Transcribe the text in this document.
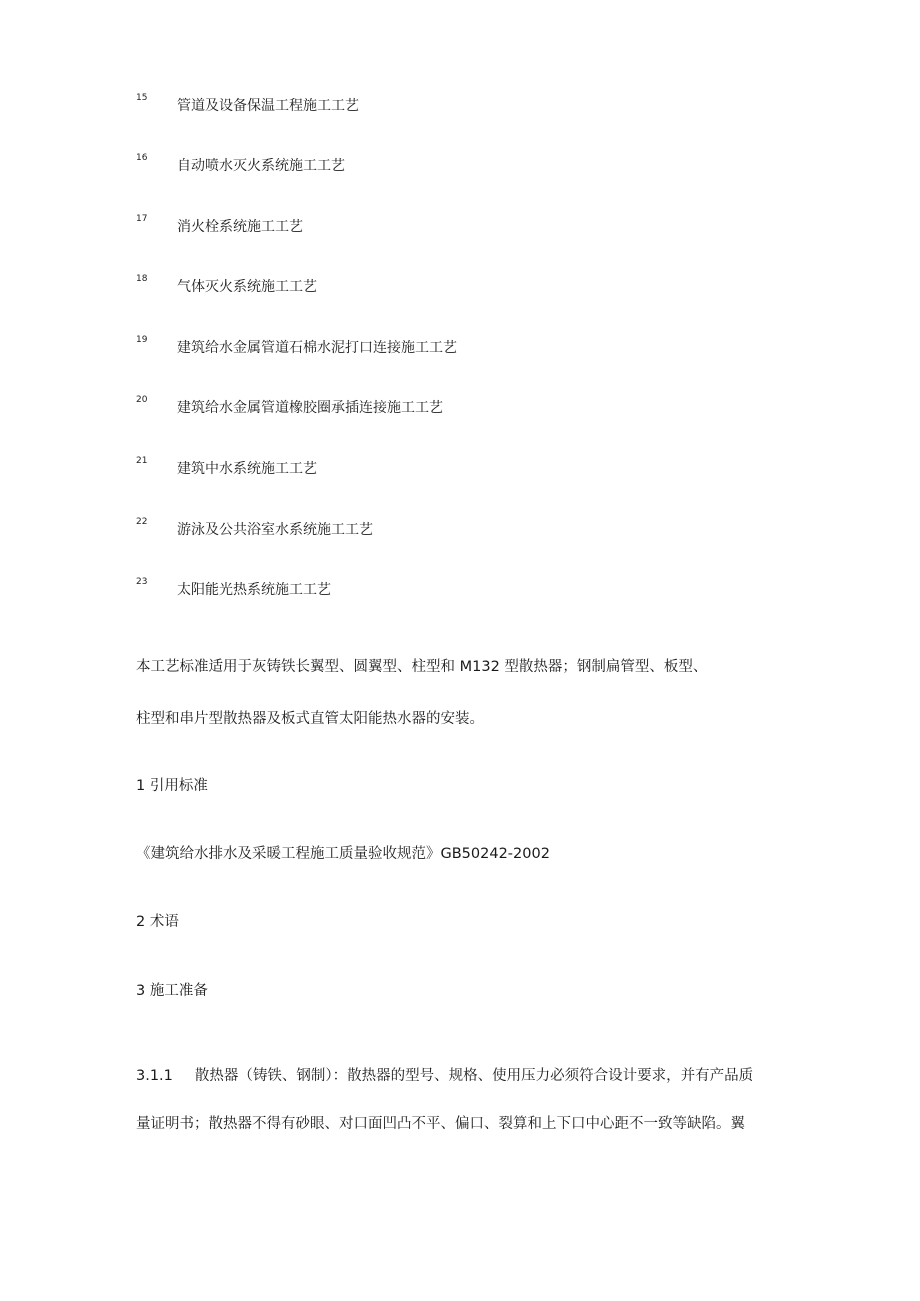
15 管道及设备保温工程施工工艺
16 自动喷水灭火系统施工工艺
17 消火栓系统施工工艺
18 气体灭火系统施工工艺
19 建筑给水金属管道石棉水泥打口连接施工工艺
20 建筑给水金属管道橡胶圈承插连接施工工艺
21 建筑中水系统施工工艺
22 游泳及公共浴室水系统施工工艺
23 太阳能光热系统施工工艺
本工艺标准适用于灰铸铁长翼型、圆翼型、柱型和 M132 型散热器；钢制扁管型、板型、
柱型和串片型散热器及板式直管太阳能热水器的安装。
1 引用标准
《建筑给水排水及采暖工程施工质量验收规范》GB50242-2002
2 术语
3 施工准备
3.1.1 散热器（铸铁、钢制）：散热器的型号、规格、使用压力必须符合设计要求，并有产品质
量证明书；散热器不得有砂眼、对口面凹凸不平、偏口、裂算和上下口中心距不一致等缺陷。翼
